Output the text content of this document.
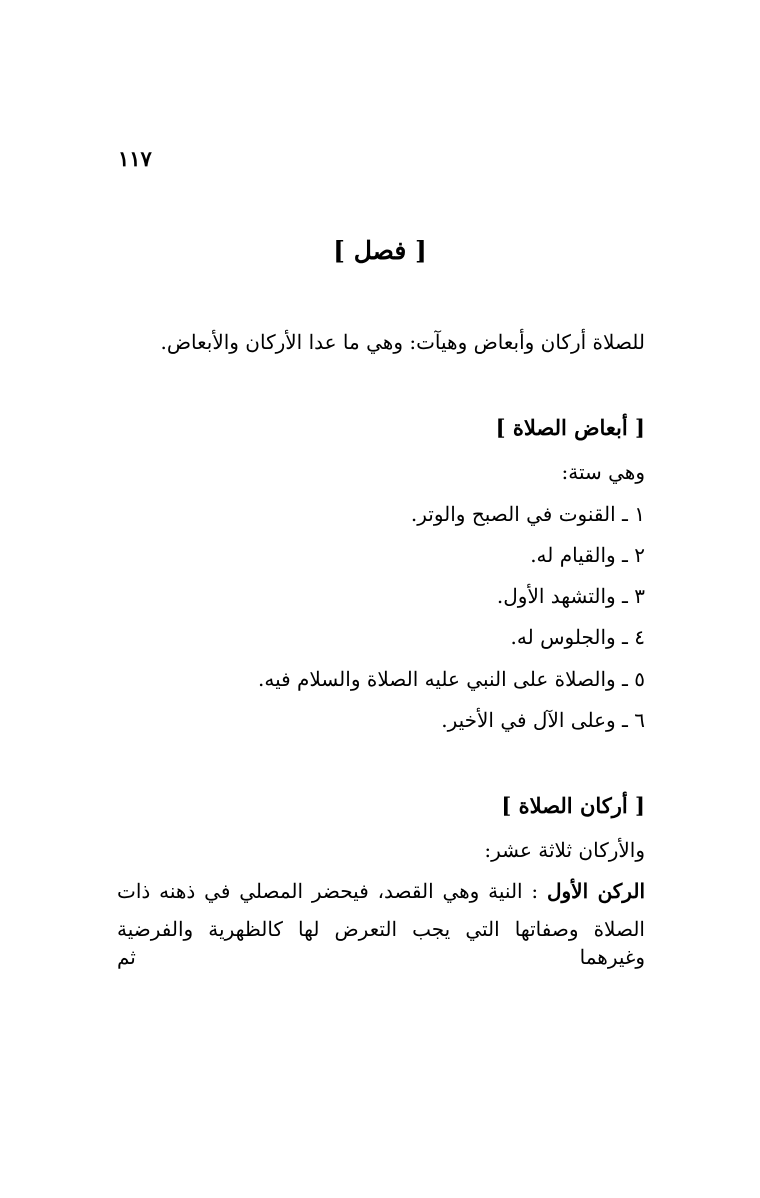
١١٧
[ فصل ]
للصلاة أركان وأبعاض وهيآت: وهي ما عدا الأركان والأبعاض.
[ أبعاض الصلاة ]
وهي ستة:
١ ـ القنوت في الصبح والوتر.
٢ ـ والقيام له.
٣ ـ والتشهد الأول.
٤ ـ والجلوس له.
٥ ـ والصلاة على النبي عليه الصلاة والسلام فيه.
٦ ـ وعلى الآل في الأخير.
[ أركان الصلاة ]
والأركان ثلاثة عشر:
الركن الأول : النية وهي القصد، فيحضر المصلي في ذهنه ذات
الصلاة وصفاتها التي يجب التعرض لها كالظهرية والفرضية وغيرهما ثم
